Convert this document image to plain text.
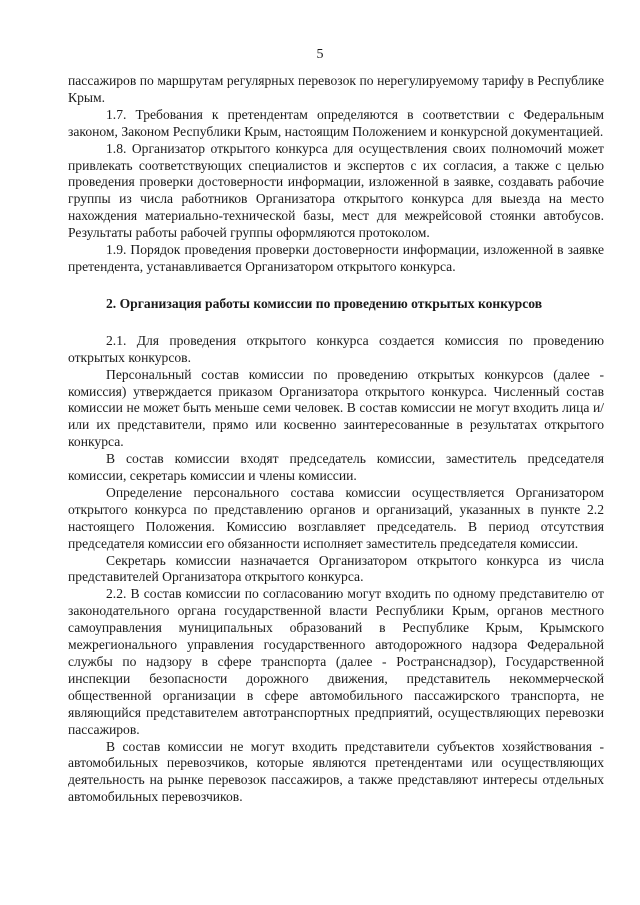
5

пассажиров по маршрутам регулярных перевозок по нерегулируемому тарифу в Республике Крым.

1.7. Требования к претендентам определяются в соответствии с Федеральным законом, Законом Республики Крым, настоящим Положением и конкурсной документацией.

1.8. Организатор открытого конкурса для осуществления своих полномочий может привлекать соответствующих специалистов и экспертов с их согласия, а также с целью проведения проверки достоверности информации, изложенной в заявке, создавать рабочие группы из числа работников Организатора открытого конкурса для выезда на место нахождения материально-технической базы, мест для межрейсовой стоянки автобусов. Результаты работы рабочей группы оформляются протоколом.

1.9. Порядок проведения проверки достоверности информации, изложенной в заявке претендента, устанавливается Организатором открытого конкурса.

2. Организация работы комиссии по проведению открытых конкурсов

2.1. Для проведения открытого конкурса создается комиссия по проведению открытых конкурсов.

Персональный состав комиссии по проведению открытых конкурсов (далее - комиссия) утверждается приказом Организатора открытого конкурса. Численный состав комиссии не может быть меньше семи человек. В состав комиссии не могут входить лица и/или их представители, прямо или косвенно заинтересованные в результатах открытого конкурса.

В состав комиссии входят председатель комиссии, заместитель председателя комиссии, секретарь комиссии и члены комиссии.

Определение персонального состава комиссии осуществляется Организатором открытого конкурса по представлению органов и организаций, указанных в пункте 2.2 настоящего Положения. Комиссию возглавляет председатель. В период отсутствия председателя комиссии его обязанности исполняет заместитель председателя комиссии.

Секретарь комиссии назначается Организатором открытого конкурса из числа представителей Организатора открытого конкурса.

2.2. В состав комиссии по согласованию могут входить по одному представителю от законодательного органа государственной власти Республики Крым, органов местного самоуправления муниципальных образований в Республике Крым, Крымского межрегионального управления государственного автодорожного надзора Федеральной службы по надзору в сфере транспорта (далее - Ространснадзор), Государственной инспекции безопасности дорожного движения, представитель некоммерческой общественной организации в сфере автомобильного пассажирского транспорта, не являющийся представителем автотранспортных предприятий, осуществляющих перевозки пассажиров.

В состав комиссии не могут входить представители субъектов хозяйствования - автомобильных перевозчиков, которые являются претендентами или осуществляющих деятельность на рынке перевозок пассажиров, а также представляют интересы отдельных автомобильных перевозчиков.
